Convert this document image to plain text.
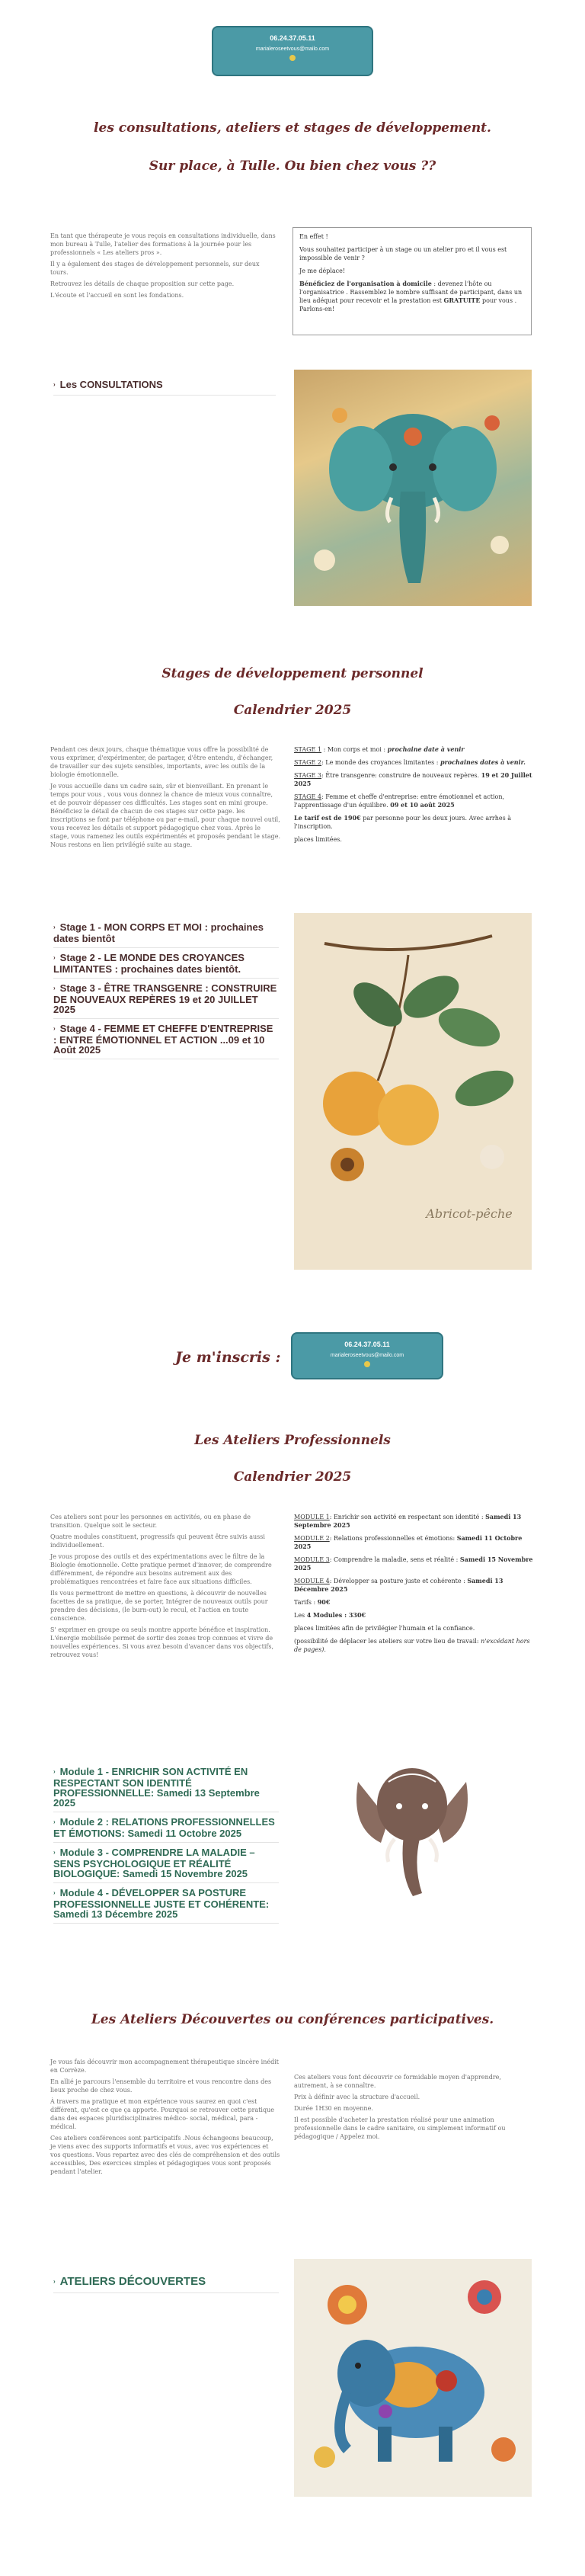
06.24.37.05.11
marialeroseetvous@mailo.com
les consultations, ateliers et stages de développement.
Sur place, à Tulle. Ou bien chez vous ??

En tant que thérapeute je vous reçois en consultations individuelle, dans mon bureau à Tulle, l'atelier des formations à la journée pour les professionnels « Les ateliers pros ».

Il y a également des stages de développement personnels, sur deux tours.

Retrouvez les détails de chaque proposition sur cette page.

L'écoute et l'accueil en sont les fondations.

En effet !

Vous souhaitez participer à un stage ou un atelier pro et il vous est impossible de venir ?

Je me déplace!

Bénéficiez de l'organisation à domicile : devenez l'hôte ou l'organisatrice . Rassemblez le nombre suffisant de participant, dans un lieu adéquat pour recevoir et la prestation est GRATUITE pour vous . Parlons-en!

› Les CONSULTATIONS
Stages de développement personnel
Calendrier 2025

Pendant ces deux jours, chaque thématique vous offre la possibilité de vous exprimer, d'expérimenter, de partager, d'être entendu, d'échanger, de travailler sur des sujets sensibles, importants, avec les outils de la biologie émotionnelle.

Je vous accueille dans un cadre sain, sûr et bienveillant. En prenant le temps pour vous , vous vous donnez la chance de mieux vous connaître, et de pouvoir dépasser ces difficultés. Les stages sont en mini groupe. Bénéficiez le détail de chacun de ces stages sur cette page. les inscriptions se font par téléphone ou par e-mail, pour chaque nouvel outil, vous recevez les détails et support pédagogique chez vous. Après le stage, vous ramenez les outils expérimentés et proposés pendant le stage. Nous restons en lien privilégié suite au stage.

STAGE 1 : Mon corps et moi : prochaine date à venir

STAGE 2: Le monde des croyances limitantes : prochaines dates à venir.

STAGE 3: Être transgenre: construire de nouveaux repères. 19 et 20 Juillet 2025

STAGE 4: Femme et cheffe d'entreprise: entre émotionnel et action, l'apprentissage d'un équilibre. 09 et 10 août 2025

Le tarif est de 190€ par personne pour les deux jours. Avec arrhes à l'inscription.

places limitées.

› Stage 1 - MON CORPS ET MOI : prochaines dates bientôt
› Stage 2 - LE MONDE DES CROYANCES LIMITANTES : prochaines dates bientôt.
› Stage 3 - ÊTRE TRANSGENRE : CONSTRUIRE DE NOUVEAUX REPÈRES 19 et 20 JUILLET 2025
› Stage 4 - FEMME ET CHEFFE D'ENTREPRISE : ENTRE ÉMOTIONNEL ET ACTION ...09 et 10 Août 2025
Abricot-pêche
Je m'inscris :
06.24.37.05.11
marialeroseetvous@mailo.com
Les Ateliers Professionnels
Calendrier 2025

Ces ateliers sont pour les personnes en activités, ou en phase de transition. Quelque soit le secteur.

Quatre modules constituent, progressifs qui peuvent être suivis aussi individuellement.

Je vous propose des outils et des expérimentations avec le filtre de la Biologie émotionnelle. Cette pratique permet d'innover, de comprendre différemment, de répondre aux besoins autrement aux des problématiques rencontrées et faire face aux situations difficiles.

Ils vous permettront de mettre en questions, à découvrir de nouvelles facettes de sa pratique, de se porter, Intégrer de nouveaux outils pour prendre des décisions, (le burn-out) le recul, et l'action en toute conscience.

S' exprimer en groupe ou seuls montre apporte bénéfice et inspiration. L'énergie mobilisée permet de sortir des zones trop connues et vivre de nouvelles expériences. Si vous avez besoin d'avancer dans vos objectifs, retrouvez vous!

MODULE 1: Enrichir son activité en respectant son identité : Samedi 13 Septembre 2025

MODULE 2: Relations professionnelles et émotions: Samedi 11 Octobre 2025

MODULE 3: Comprendre la maladie, sens et réalité : Samedi 15 Novembre 2025

MODULE 4: Développer sa posture juste et cohérente : Samedi 13 Décembre 2025

Tarifs : 90€

Les 4 Modules : 330€

places limitées afin de privilégier l'humain et la confiance.

(possibilité de déplacer les ateliers sur votre lieu de travail: n'excédant hors de pages).

› Module 1 - ENRICHIR SON ACTIVITÉ EN RESPECTANT SON IDENTITÉ PROFESSIONNELLE: Samedi 13 Septembre 2025
› Module 2 : RELATIONS PROFESSIONNELLES ET ÉMOTIONS: Samedi 11 Octobre 2025
› Module 3 - COMPRENDRE LA MALADIE – SENS PSYCHOLOGIQUE ET RÉALITÉ BIOLOGIQUE: Samedi 15 Novembre 2025
› Module 4 - DÉVELOPPER SA POSTURE PROFESSIONNELLE JUSTE ET COHÉRENTE: Samedi 13 Décembre 2025
Les Ateliers Découvertes ou conférences participatives.

Je vous fais découvrir mon accompagnement thérapeutique sincère inédit en Corrèze.

En allié je parcours l'ensemble du territoire et vous rencontre dans des lieux proche de chez vous.

À travers ma pratique et mon expérience vous saurez en quoi c'est différent, qu'est ce que ça apporte. Pourquoi se retrouver cette pratique dans des espaces pluridisciplinaires médico- social, médical, para - médical.

Ces ateliers conférences sont participatifs .Nous échangeons beaucoup, je viens avec des supports informatifs et vous, avec vos expériences et vos questions. Vous repartez avec des clés de compréhension et des outils accessibles, Des exercices simples et pédagogiques vous sont proposés pendant l'atelier.

Ces ateliers vous font découvrir ce formidable moyen d'apprendre, autrement, à se connaître.

Prix à définir avec la structure d'accueil.

Durée 1H30 en moyenne.

Il est possible d'acheter la prestation réalisé pour une animation professionnelle dans le cadre sanitaire, ou simplement informatif ou pédagogique / Appelez moi.

› ATELIERS DÉCOUVERTES
